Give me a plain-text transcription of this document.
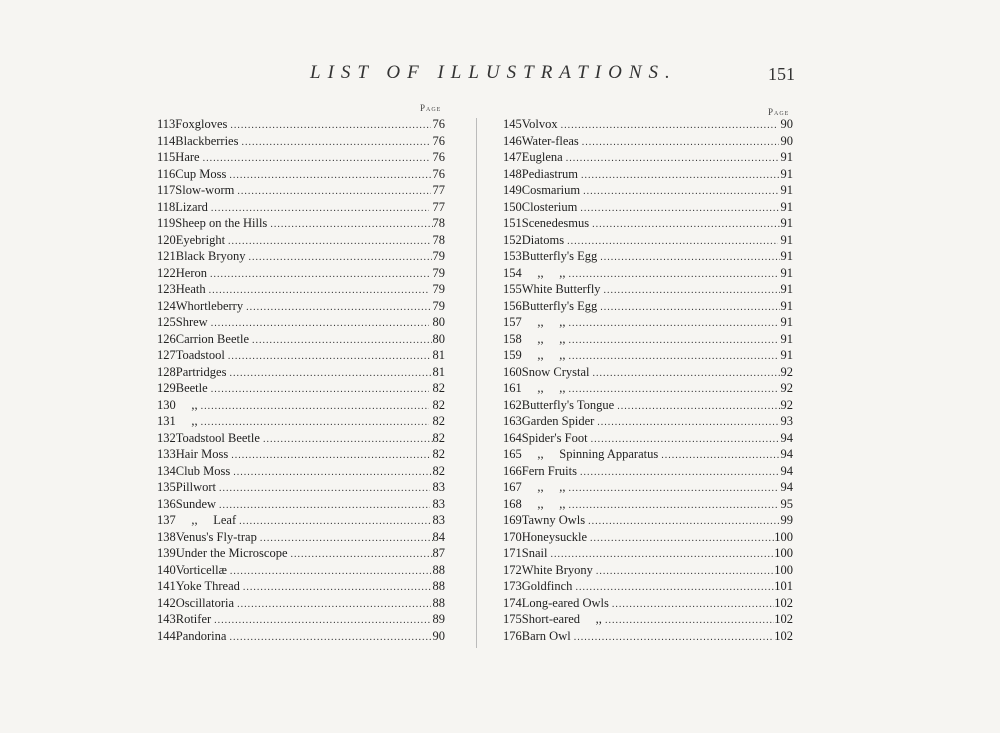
LIST OF ILLUSTRATIONS.	151
Page	Page
113 Foxgloves .....	76
114 Blackberries .....	76
115 Hare .....	76
116 Cup Moss .....	76
117 Slow-worm .....	77
118 Lizard .....	77
119 Sheep on the Hills .....	78
120 Eyebright .....	78
121 Black Bryony .....	79
122 Heron .....	79
123 Heath .....	79
124 Whortleberry .....	79
125 Shrew .....	80
126 Carrion Beetle .....	80
127 Toadstool .....	81
128 Partridges .....	81
129 Beetle .....	82
130 ,, .....	82
131 ,, .....	82
132 Toadstool Beetle .....	82
133 Hair Moss .....	82
134 Club Moss .....	82
135 Pillwort .....	83
136 Sundew .....	83
137 ,,     Leaf .....	83
138 Venus's Fly-trap .....	84
139 Under the Microscope .....	87
140 Vorticellæ .....	88
141 Yoke Thread .....	88
142 Oscillatoria .....	88
143 Rotifer .....	89
144 Pandorina .....	90
145 Volvox .....	90
146 Water-fleas .....	90
147 Euglena .....	91
148 Pediastrum .....	91
149 Cosmarium .....	91
150 Closterium .....	91
151 Scenedesmus .....	91
152 Diatoms .....	91
153 Butterfly's Egg .....	91
154 ,,     ,, .....	91
155 White Butterfly .....	91
156 Butterfly's Egg .....	91
157 ,,     ,, .....	91
158 ,,     ,, .....	91
159 ,,     ,, .....	91
160 Snow Crystal .....	92
161 ,,     ,, .....	92
162 Butterfly's Tongue .....	92
163 Garden Spider .....	93
164 Spider's Foot .....	94
165 ,,     Spinning Apparatus .....	94
166 Fern Fruits .....	94
167 ,,     ,, .....	94
168 ,,     ,, .....	95
169 Tawny Owls .....	99
170 Honeysuckle .....	100
171 Snail .....	100
172 White Bryony .....	100
173 Goldfinch .....	101
174 Long-eared Owls .....	102
175 Short-eared     ,, .....	102
176 Barn Owl .....	102
